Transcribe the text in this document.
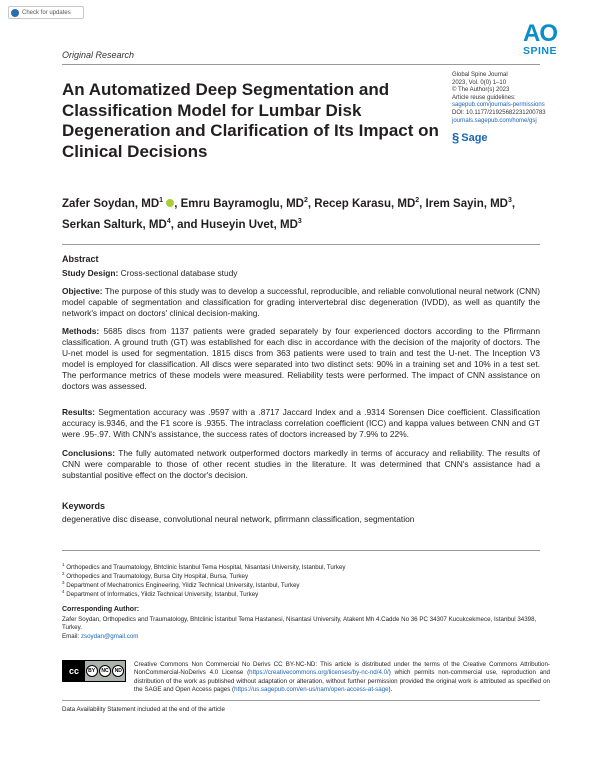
Check for updates
AO
SPINE
Original Research
An Automatized Deep Segmentation and Classification Model for Lumbar Disk Degeneration and Clarification of Its Impact on Clinical Decisions
Global Spine Journal
2023, Vol. 0(0) 1–10
© The Author(s) 2023
Article reuse guidelines:
sagepub.com/journals-permissions
DOI: 10.1177/21925682231200783
journals.sagepub.com/home/gsj
§ Sage
Zafer Soydan, $MD^1$ , Emru Bayramoglu, $MD^2$, Recep Karasu, $MD^2$, Irem Sayin, $MD^3$, Serkan Salturk, $MD^4$, and Huseyin Uvet, $MD^3$
Abstract
Study Design: Cross-sectional database study
Objective: The purpose of this study was to develop a successful, reproducible, and reliable convolutional neural network (CNN) model capable of segmentation and classification for grading intervertebral disc degeneration (IVDD), as well as quantify the network's impact on doctors' clinical decision-making.
Methods: 5685 discs from 1137 patients were graded separately by four experienced doctors according to the Pfirrmann classification. A ground truth (GT) was established for each disc in accordance with the decision of the majority of doctors. The U-net model is used for segmentation. 1815 discs from 363 patients were used to train and test the U-net. The Inception V3 model is employed for classification. All discs were separated into two distinct sets: 90% in a training set and 10% in a test set. The performance metrics of these models were measured. Reliability tests were performed. The impact of CNN assistance on doctors was assessed.
Results: Segmentation accuracy was .9597 with a .8717 Jaccard Index and a .9314 Sorensen Dice coefficient. Classification accuracy is.9346, and the F1 score is .9355. The intraclass correlation coefficient (ICC) and kappa values between CNN and GT were .95-.97. With CNN's assistance, the success rates of doctors increased by 7.9% to 22%.
Conclusions: The fully automated network outperformed doctors markedly in terms of accuracy and reliability. The results of CNN were comparable to those of other recent studies in the literature. It was determined that CNN's assistance had a substantial positive effect on the doctor's decision.
Keywords
degenerative disc disease, convolutional neural network, pfirrmann classification, segmentation
$^1$ Orthopedics and Traumatology, Bhtclinic İstanbul Tema Hospital, Nisantasi University, Istanbul, Turkey
$^2$ Orthopedics and Traumatology, Bursa City Hospital, Bursa, Turkey
$^3$ Department of Mechatronics Engineering, Yildiz Technical University, Istanbul, Turkey
$^4$ Department of Informatics, Yildiz Technical University, Istanbul, Turkey
Corresponding Author:
Zafer Soydan, Orthopedics and Traumatology, Bhtclinic İstanbul Tema Hastanesi, Nisantasi University, Atakent Mh 4.Cadde No 36 PC 34307 Kucukcekmece, Istanbul 34398, Turkey.
Email: zsoydan@gmail.com
cc BY NC ND
Creative Commons Non Commercial No Derivs CC BY-NC-ND: This article is distributed under the terms of the Creative Commons Attribution-NonCommercial-NoDerivs 4.0 License (https://creativecommons.org/licenses/by-nc-nd/4.0/) which permits non-commercial use, reproduction and distribution of the work as published without adaptation or alteration, without further permission provided the original work is attributed as specified on the SAGE and Open Access pages (https://us.sagepub.com/en-us/nam/open-access-at-sage).
Data Availability Statement included at the end of the article
